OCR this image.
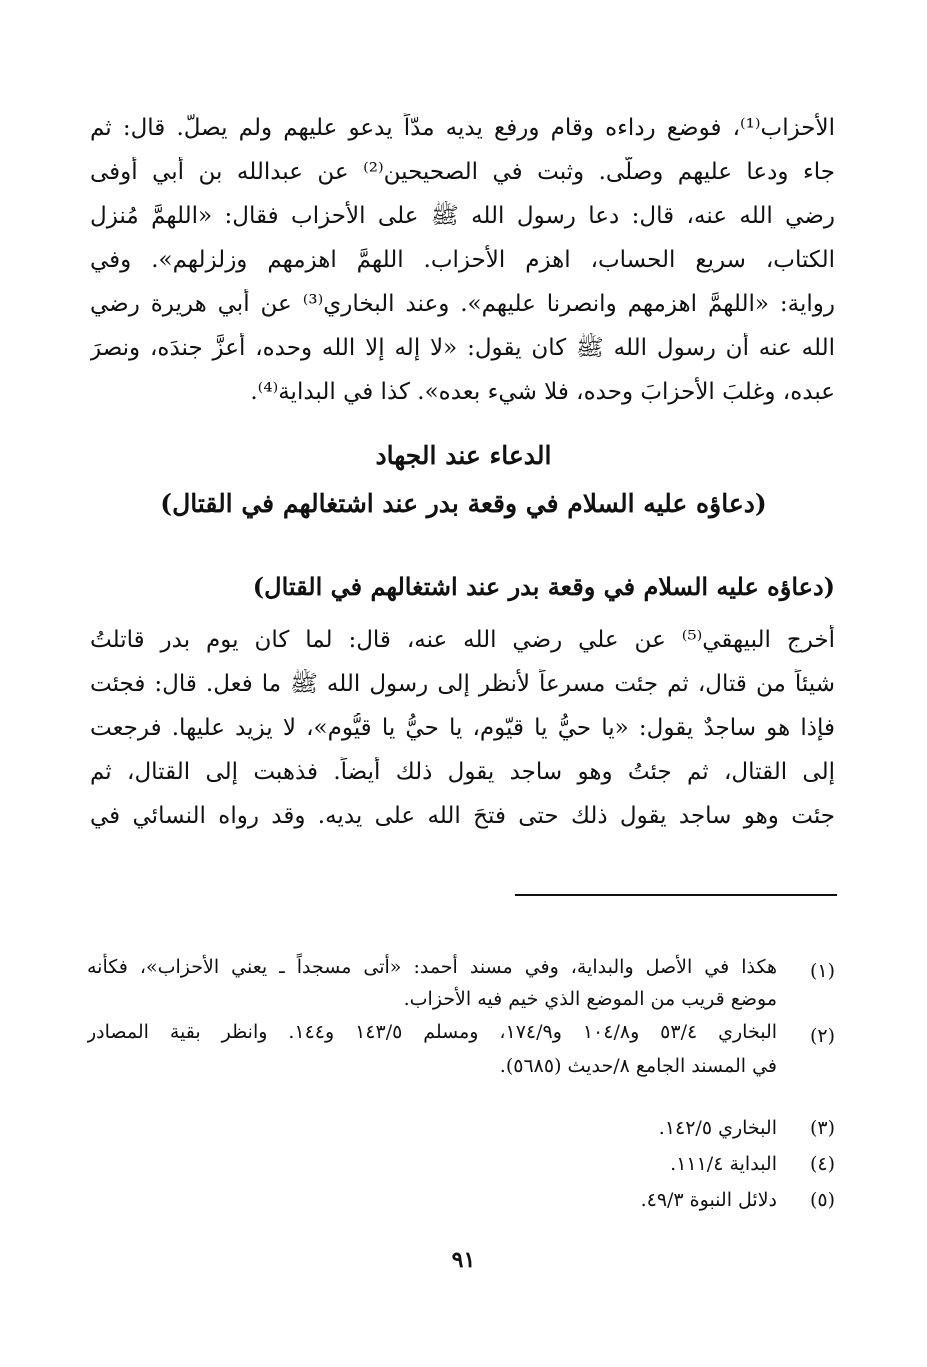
الأحزاب⁽¹⁾، فوضع رداءه وقام ورفع يديه مدّاً يدعو عليهم ولم يصلّ. قال: ثم
جاء ودعا عليهم وصلّى. وثبت في الصحيحين⁽²⁾ عن عبدالله بن أبي أوفى
رضي الله عنه، قال: دعا رسول الله ﷺ على الأحزاب فقال: «اللهمَّ مُنزل
الكتاب، سريع الحساب، اهزم الأحزاب. اللهمَّ اهزمهم وزلزلهم». وفي
رواية: «اللهمَّ اهزمهم وانصرنا عليهم». وعند البخاري⁽³⁾ عن أبي هريرة رضي
الله عنه أن رسول الله ﷺ كان يقول: «لا إله إلا الله وحده، أعزَّ جندَه، ونصرَ
عبده، وغلبَ الأحزابَ وحده، فلا شيء بعده». كذا في البداية⁽⁴⁾.
الدعاء عند الجهاد
(دعاؤه عليه السلام في وقعة بدر عند اشتغالهم في القتال)
(دعاؤه عليه السلام في وقعة بدر عند اشتغالهم في القتال)
أخرج البيهقي⁽⁵⁾ عن علي رضي الله عنه، قال: لما كان يوم بدر قاتلتُ
شيئاً من قتال، ثم جئت مسرعاً لأنظر إلى رسول الله ﷺ ما فعل. قال: فجئت
فإذا هو ساجدٌ يقول: «يا حيُّ يا قيّوم، يا حيُّ يا قيُّوم»، لا يزيد عليها. فرجعت
إلى القتال، ثم جئتُ وهو ساجد يقول ذلك أيضاً. فذهبت إلى القتال، ثم
جئت وهو ساجد يقول ذلك حتى فتحَ الله على يديه. وقد رواه النسائي في
(١)
هكذا في الأصل والبداية، وفي مسند أحمد: «أتى مسجداً ـ يعني الأحزاب»، فكأنه
موضع قريب من الموضع الذي خيم فيه الأحزاب.
(٢)
البخاري ٥٣/٤ و١٠٤/٨ و١٧٤/٩، ومسلم ١٤٣/٥ و١٤٤. وانظر بقية المصادر
في المسند الجامع ٨/حديث (٥٦٨٥).
(٣)
البخاري ١٤٢/٥.
(٤)
البداية ١١١/٤.
(٥)
دلائل النبوة ٤٩/٣.
٩١
